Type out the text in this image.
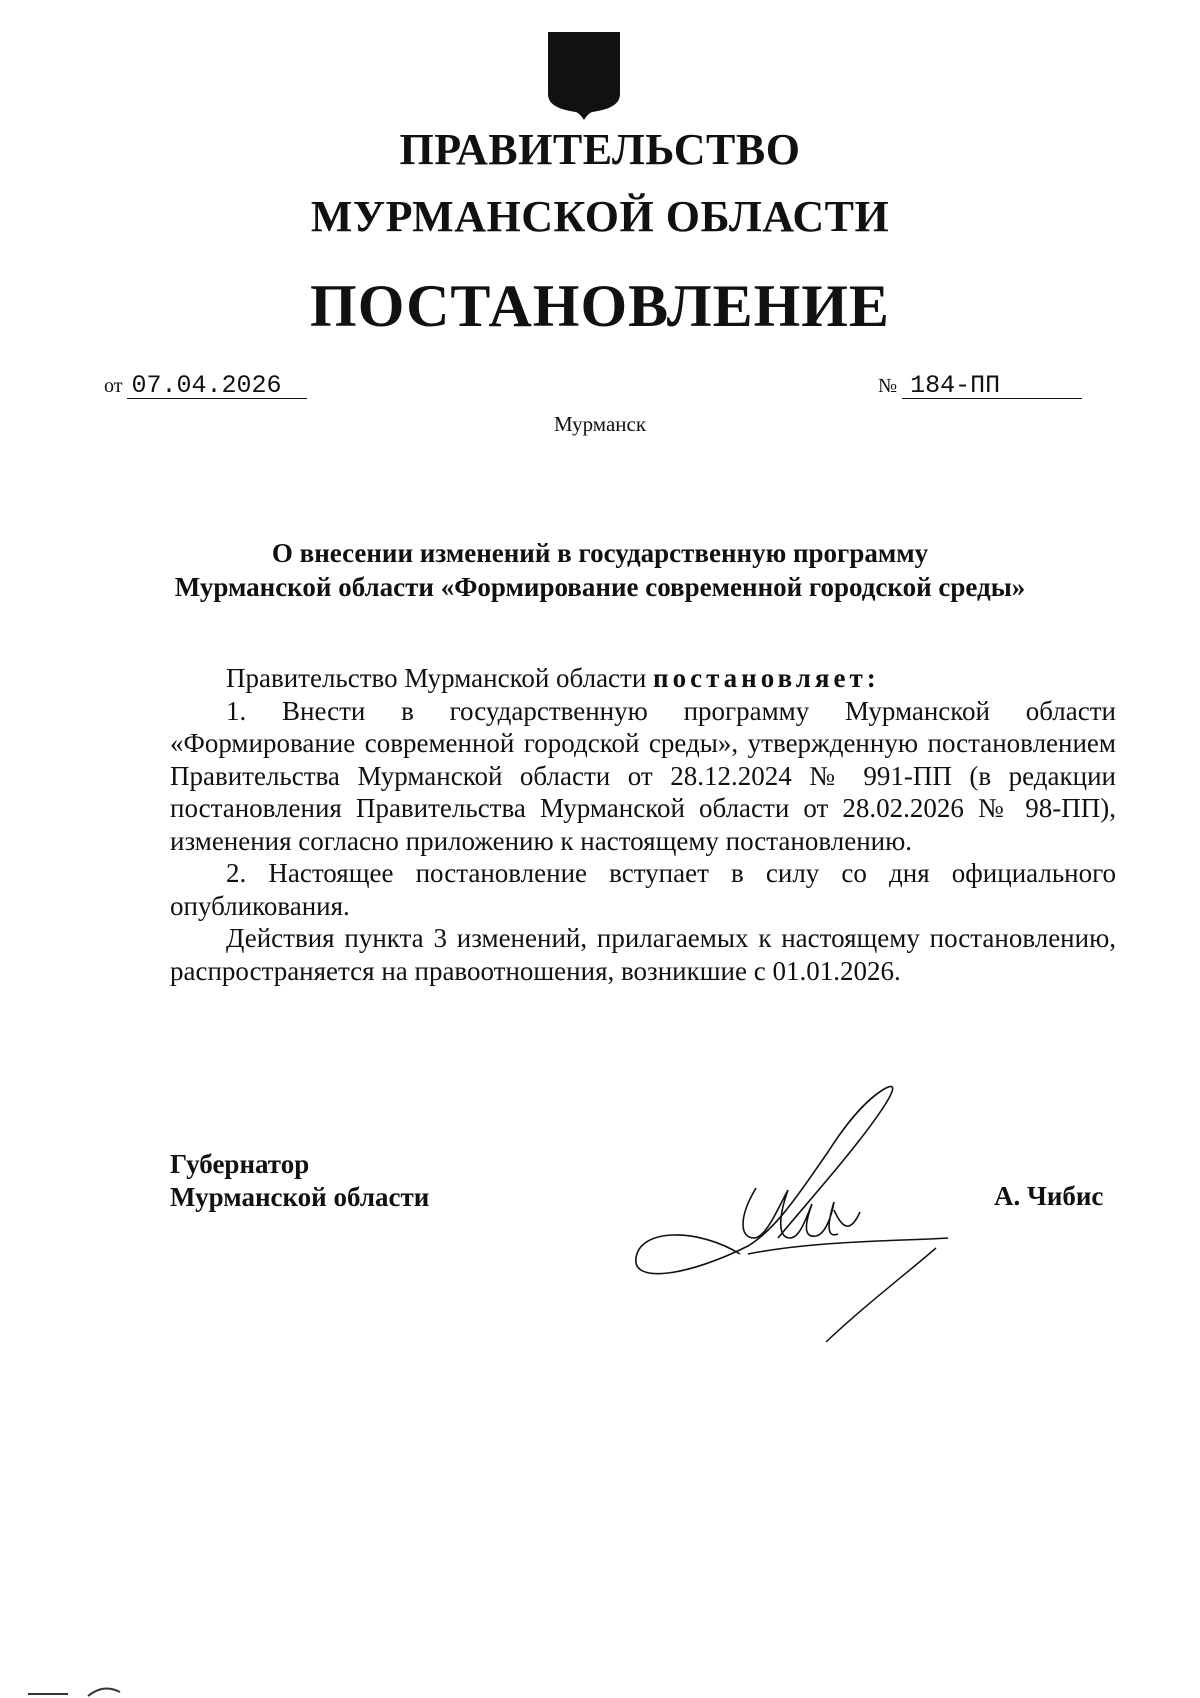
ПРАВИТЕЛЬСТВО
МУРМАНСКОЙ ОБЛАСТИ
ПОСТАНОВЛЕНИЕ
от 07.04.2026	№ 184-ПП
Мурманск
О внесении изменений в государственную программу
Мурманской области «Формирование современной городской среды»

Правительство Мурманской области постановляет:

1. Внести в государственную программу Мурманской области «Формирование современной городской среды», утвержденную постановлением Правительства Мурманской области от 28.12.2024 № 991-ПП (в редакции постановления Правительства Мурманской области от 28.02.2026 № 98-ПП), изменения согласно приложению к настоящему постановлению.

2. Настоящее постановление вступает в силу со дня официального опубликования.

Действия пункта 3 изменений, прилагаемых к настоящему постановлению, распространяется на правоотношения, возникшие с 01.01.2026.

Губернатор
Мурманской области	А. Чибис
